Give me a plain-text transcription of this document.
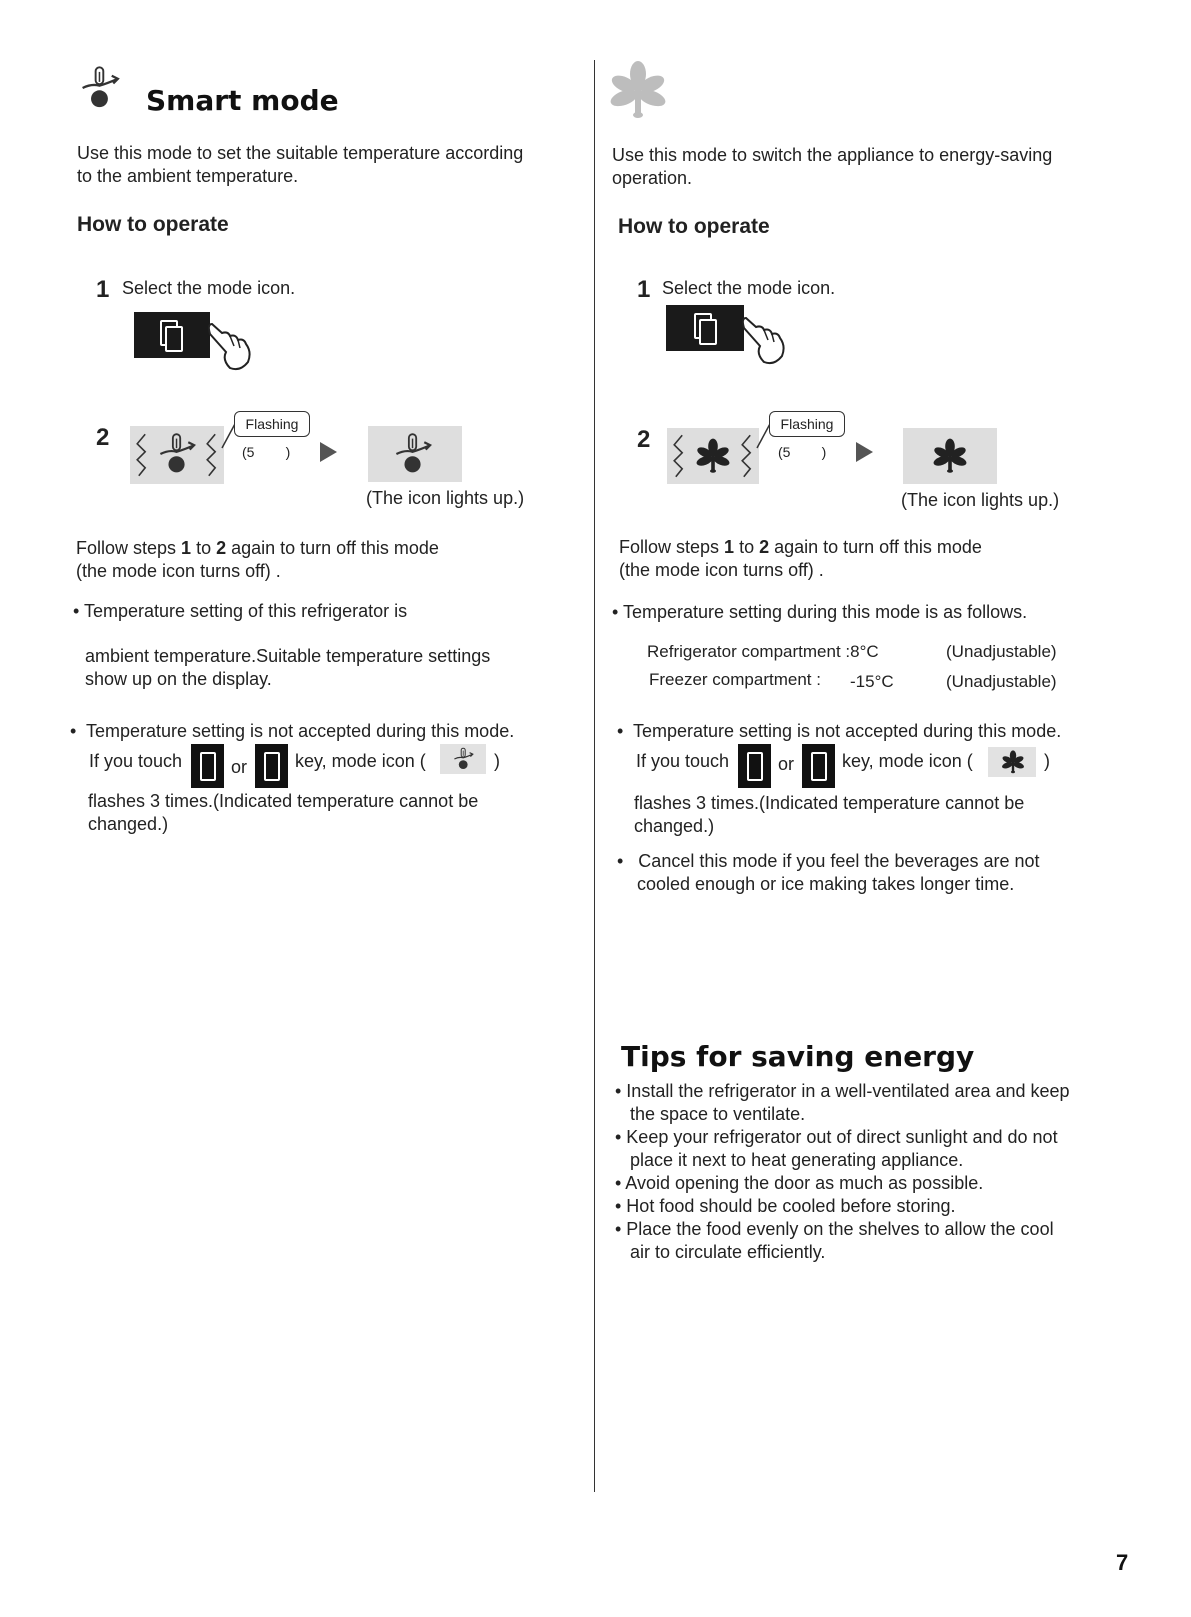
Smart mode
Use this mode to set the suitable temperature according
to the ambient temperature.
How to operate
1 Select the mode icon.
2	Flashing
(5        )
(The icon lights up.)
Follow steps 1 to 2 again to turn off this mode
(the mode icon turns off) .
• Temperature setting of this refrigerator is
ambient temperature.Suitable temperature settings
show up on the display.
•  Temperature setting is not accepted during this mode.
If you touch	or	key, mode icon (	)
flashes 3 times.(Indicated temperature cannot be
changed.)
Use this mode to switch the appliance to energy-saving
operation.
How to operate
1 Select the mode icon.
2
Flashing
(5        )
(The icon lights up.)
Follow steps 1 to 2 again to turn off this mode
(the mode icon turns off) .
• Temperature setting during this mode is as follows.
Refrigerator compartment :8°C	(Unadjustable)
Freezer compartment : -15°C	(Unadjustable)
•  Temperature setting is not accepted during this mode.
If you touch	or	key, mode icon (	)
flashes 3 times.(Indicated temperature cannot be
changed.)
•   Cancel this mode if you feel the beverages are not
cooled enough or ice making takes longer time.
Tips for saving energy
• Install the refrigerator in a well-ventilated area and keep
the space to ventilate.
• Keep your refrigerator out of direct sunlight and do not
place it next to heat generating appliance.
• Avoid opening the door as much as possible.
• Hot food should be cooled before storing.
• Place the food evenly on the shelves to allow the cool
air to circulate efficiently.
7
